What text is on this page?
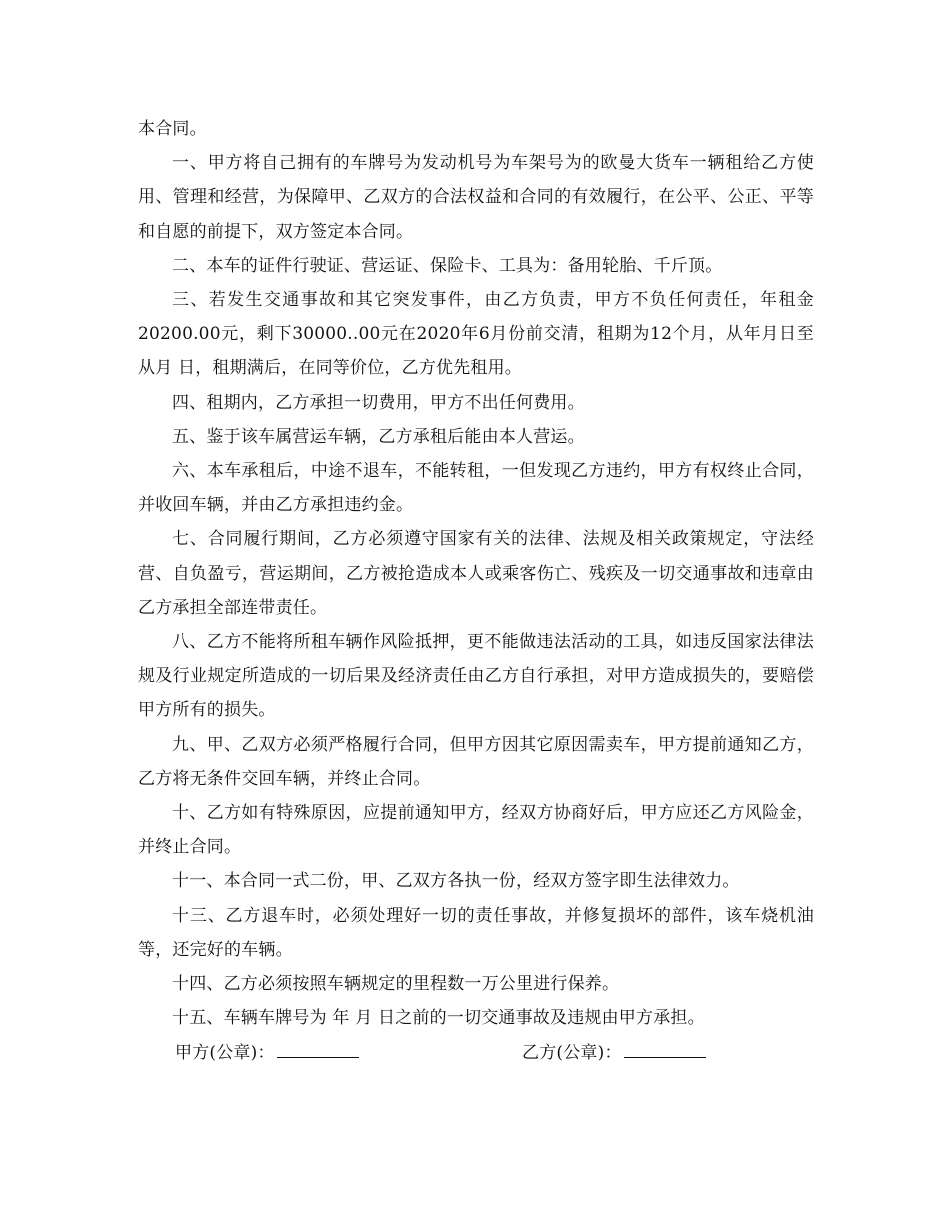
本合同。

一、甲方将自己拥有的车牌号为发动机号为车架号为的欧曼大货车一辆租给乙方使用、管理和经营，为保障甲、乙双方的合法权益和合同的有效履行，在公平、公正、平等和自愿的前提下，双方签定本合同。

二、本车的证件行驶证、营运证、保险卡、工具为：备用轮胎、千斤顶。

三、若发生交通事故和其它突发事件，由乙方负责，甲方不负任何责任，年租金20200.00元，剩下30000..00元在2020年6月份前交清，租期为12个月，从年月日至从月 日，租期满后，在同等价位，乙方优先租用。

四、租期内，乙方承担一切费用，甲方不出任何费用。

五、鉴于该车属营运车辆，乙方承租后能由本人营运。

六、本车承租后，中途不退车，不能转租，一但发现乙方违约，甲方有权终止合同，并收回车辆，并由乙方承担违约金。

七、合同履行期间，乙方必须遵守国家有关的法律、法规及相关政策规定，守法经营、自负盈亏，营运期间，乙方被抢造成本人或乘客伤亡、残疾及一切交通事故和违章由乙方承担全部连带责任。

八、乙方不能将所租车辆作风险抵押，更不能做违法活动的工具，如违反国家法律法规及行业规定所造成的一切后果及经济责任由乙方自行承担，对甲方造成损失的，要赔偿甲方所有的损失。

九、甲、乙双方必须严格履行合同，但甲方因其它原因需卖车，甲方提前通知乙方，乙方将无条件交回车辆，并终止合同。

十、乙方如有特殊原因，应提前通知甲方，经双方协商好后，甲方应还乙方风险金，并终止合同。

十一、本合同一式二份，甲、乙双方各执一份，经双方签字即生法律效力。

十三、乙方退车时，必须处理好一切的责任事故，并修复损坏的部件，该车烧机油等，还完好的车辆。

十四、乙方必须按照车辆规定的里程数一万公里进行保养。

十五、车辆车牌号为 年 月 日之前的一切交通事故及违规由甲方承担。

甲方(公章)：	乙方(公章)：
